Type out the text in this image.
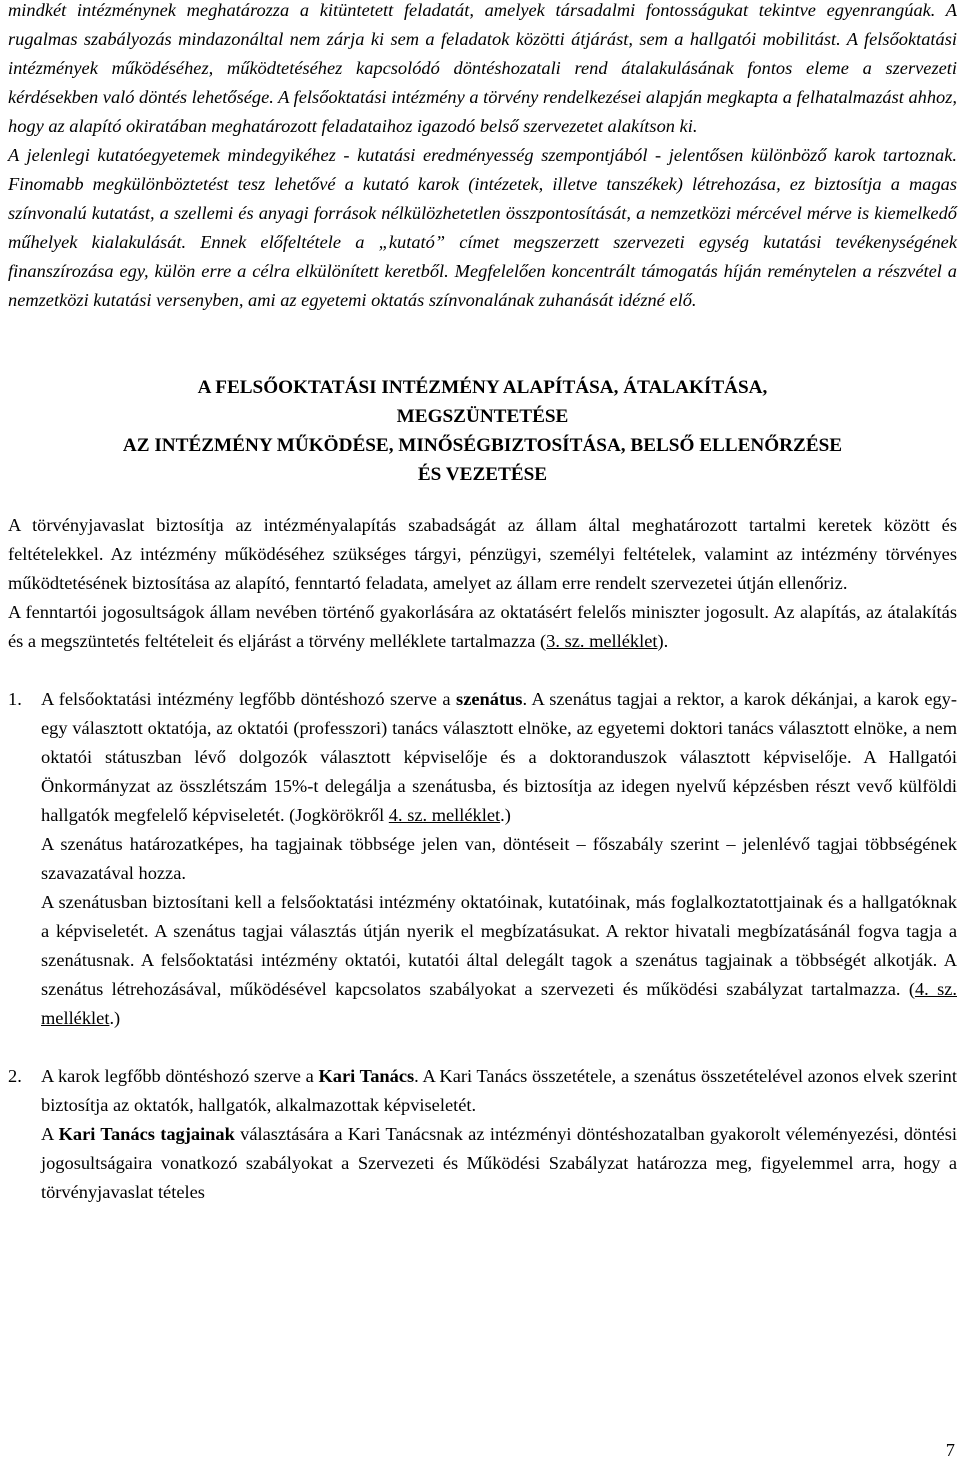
mindkét intézménynek meghatározza a kitüntetett feladatát, amelyek társadalmi fontosságukat tekintve egyenrangúak. A rugalmas szabályozás mindazonáltal nem zárja ki sem a feladatok közötti átjárást, sem a hallgatói mobilitást. A felsőoktatási intézmények működéséhez, működtetéséhez kapcsolódó döntéshozatali rend átalakulásának fontos eleme a szervezeti kérdésekben való döntés lehetősége. A felsőoktatási intézmény a törvény rendelkezései alapján megkapta a felhatalmazást ahhoz, hogy az alapító okiratában meghatározott feladataihoz igazodó belső szervezetet alakítson ki.

A jelenlegi kutatóegyetemek mindegyikéhez - kutatási eredményesség szempontjából - jelentősen különböző karok tartoznak. Finomabb megkülönböztetést tesz lehetővé a kutató karok (intézetek, illetve tanszékek) létrehozása, ez biztosítja a magas színvonalú kutatást, a szellemi és anyagi források nélkülözhetetlen összpontosítását, a nemzetközi mércével mérve is kiemelkedő műhelyek kialakulását. Ennek előfeltétele a „kutató” címet megszerzett szervezeti egység kutatási tevékenységének finanszírozása egy, külön erre a célra elkülönített keretből. Megfelelően koncentrált támogatás híján reménytelen a részvétel a nemzetközi kutatási versenyben, ami az egyetemi oktatás színvonalának zuhanását idézné elő.

A FELSŐOKTATÁSI INTÉZMÉNY ALAPÍTÁSA, ÁTALAKÍTÁSA,
MEGSZÜNTETÉSE
AZ INTÉZMÉNY MŰKÖDÉSE, MINŐSÉGBIZTOSÍTÁSA, BELSŐ ELLENŐRZÉSE
ÉS VEZETÉSE

A törvényjavaslat biztosítja az intézményalapítás szabadságát az állam által meghatározott tartalmi keretek között és feltételekkel. Az intézmény működéséhez szükséges tárgyi, pénzügyi, személyi feltételek, valamint az intézmény törvényes működtetésének biztosítása az alapító, fenntartó feladata, amelyet az állam erre rendelt szervezetei útján ellenőriz.

A fenntartói jogosultságok állam nevében történő gyakorlására az oktatásért felelős miniszter jogosult. Az alapítás, az átalakítás és a megszüntetés feltételeit és eljárást a törvény melléklete tartalmazza (3. sz. melléklet).

1. A felsőoktatási intézmény legfőbb döntéshozó szerve a szenátus. A szenátus tagjai a rektor, a karok dékánjai, a karok egy-egy választott oktatója, az oktatói (professzori) tanács választott elnöke, az egyetemi doktori tanács választott elnöke, a nem oktatói státuszban lévő dolgozók választott képviselője és a doktoranduszok választott képviselője. A Hallgatói Önkormányzat az összlétszám 15%-t delegálja a szenátusba, és biztosítja az idegen nyelvű képzésben részt vevő külföldi hallgatók megfelelő képviseletét. (Jogkörökről 4. sz. melléklet.)

A szenátus határozatképes, ha tagjainak többsége jelen van, döntéseit – főszabály szerint – jelenlévő tagjai többségének szavazatával hozza.

A szenátusban biztosítani kell a felsőoktatási intézmény oktatóinak, kutatóinak, más foglalkoztatottjainak és a hallgatóknak a képviseletét. A szenátus tagjai választás útján nyerik el megbízatásukat. A rektor hivatali megbízatásánál fogva tagja a szenátusnak. A felsőoktatási intézmény oktatói, kutatói által delegált tagok a szenátus tagjainak a többségét alkotják. A szenátus létrehozásával, működésével kapcsolatos szabályokat a szervezeti és működési szabályzat tartalmazza. (4. sz. melléklet.)

2. A karok legfőbb döntéshozó szerve a Kari Tanács. A Kari Tanács összetétele, a szenátus összetételével azonos elvek szerint biztosítja az oktatók, hallgatók, alkalmazottak képviseletét.

A Kari Tanács tagjainak választására a Kari Tanácsnak az intézményi döntéshozatalban gyakorolt véleményezési, döntési jogosultságaira vonatkozó szabályokat a Szervezeti és Működési Szabályzat határozza meg, figyelemmel arra, hogy a törvényjavaslat tételes

7
